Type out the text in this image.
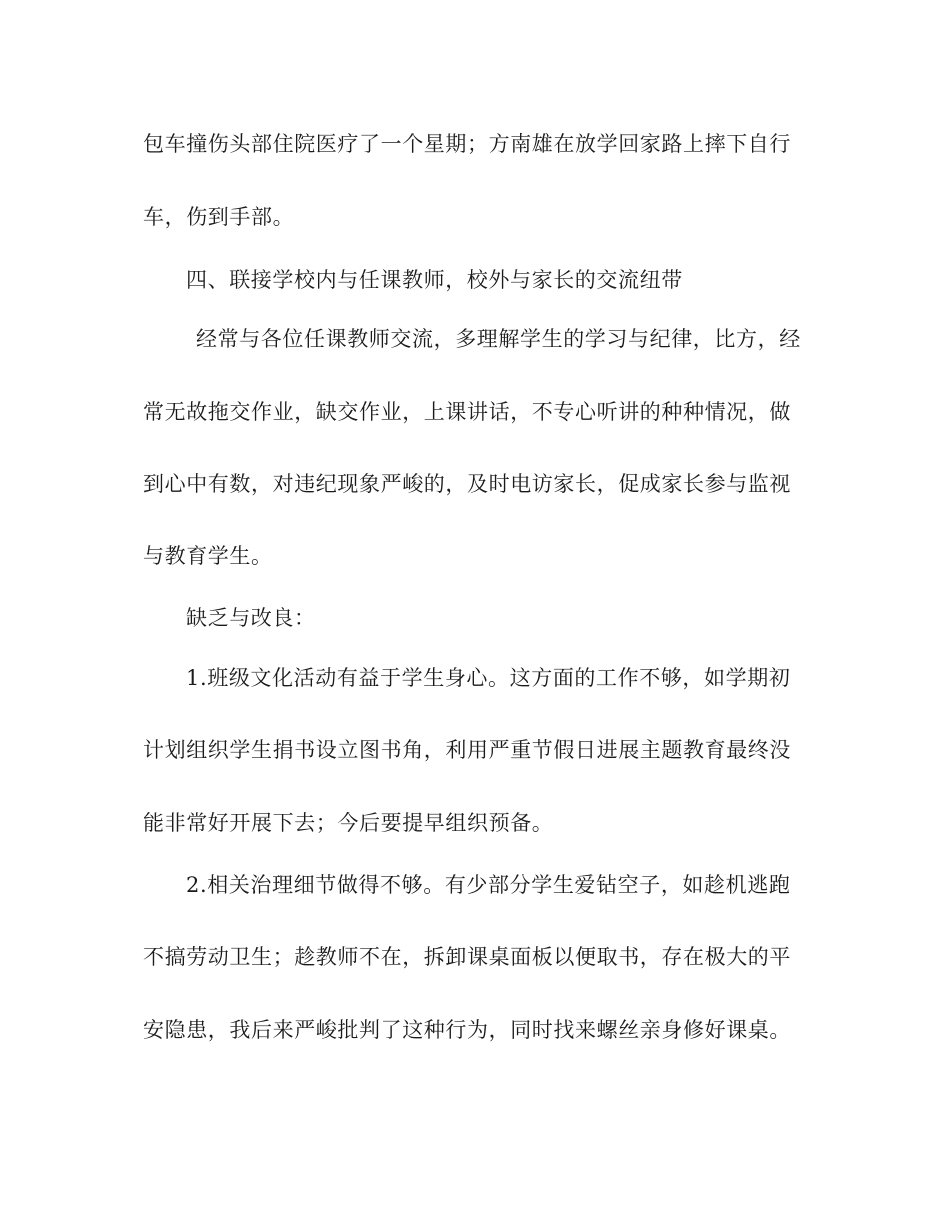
包车撞伤头部住院医疗了一个星期；方南雄在放学回家路上摔下自行
车，伤到手部。
四、联接学校内与任课教师，校外与家长的交流纽带
经常与各位任课教师交流，多理解学生的学习与纪律，比方，经
常无故拖交作业，缺交作业，上课讲话，不专心听讲的种种情况，做
到心中有数，对违纪现象严峻的，及时电访家长，促成家长参与监视
与教育学生。
缺乏与改良：
1.班级文化活动有益于学生身心。这方面的工作不够，如学期初
计划组织学生捐书设立图书角，利用严重节假日进展主题教育最终没
能非常好开展下去；今后要提早组织预备。
2.相关治理细节做得不够。有少部分学生爱钻空子，如趁机逃跑
不搞劳动卫生；趁教师不在，拆卸课桌面板以便取书，存在极大的平
安隐患，我后来严峻批判了这种行为，同时找来螺丝亲身修好课桌。
